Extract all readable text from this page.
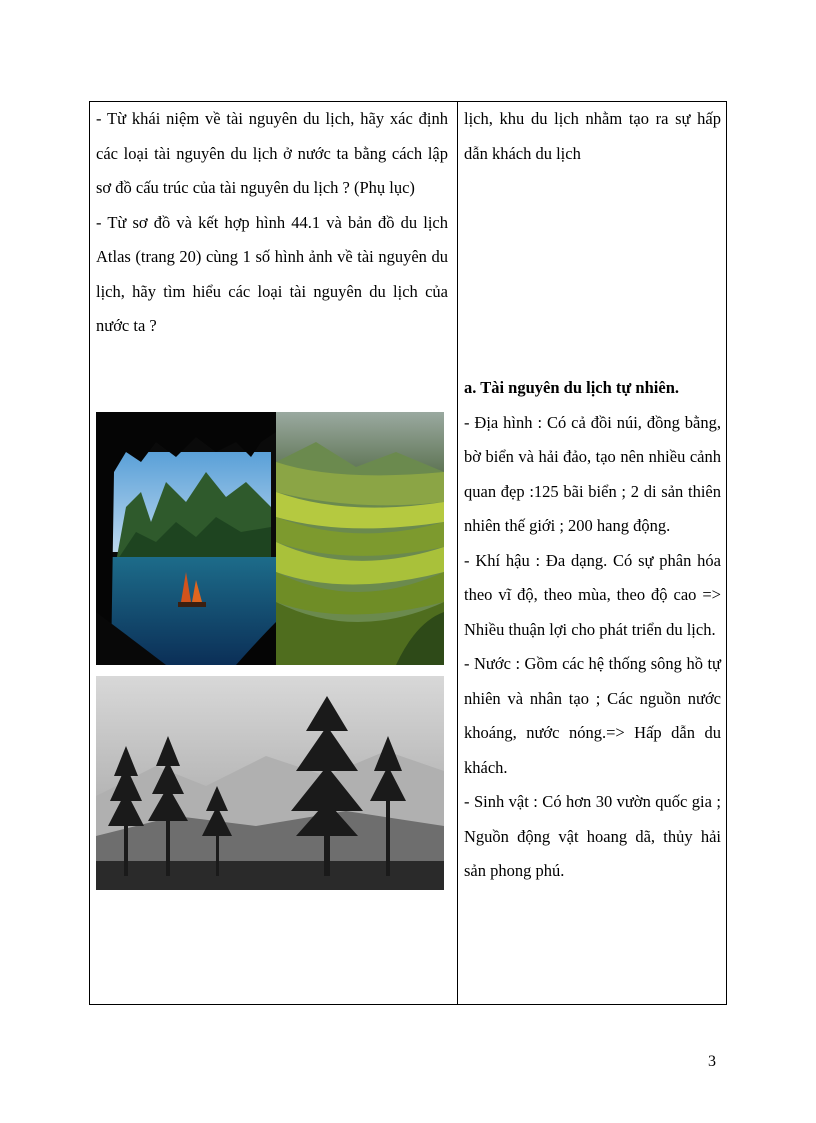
- Từ khái niệm về tài nguyên du lịch, hãy xác định các loại tài nguyên du lịch ở nước ta bằng cách lập sơ đồ cấu trúc của tài nguyên du lịch ? (Phụ lục)

- Từ sơ đồ và kết hợp hình 44.1 và bản đồ du lịch Atlas (trang 20) cùng 1 số hình ảnh về tài nguyên du lịch, hãy tìm hiểu các loại tài nguyên du lịch của nước ta ?

lịch, khu du lịch nhằm tạo ra sự hấp dẫn khách du lịch

a. Tài nguyên du lịch tự nhiên.

- Địa hình : Có cả đồi núi, đồng bằng, bờ biển và hải đảo, tạo nên nhiều cảnh quan đẹp :125 bãi biển ; 2 di sản thiên nhiên thế giới ; 200 hang động.

- Khí hậu : Đa dạng. Có sự phân hóa theo vĩ độ, theo mùa, theo độ cao => Nhiều thuận lợi cho phát triển du lịch.

- Nước : Gồm các hệ thống sông hồ tự nhiên và nhân tạo ; Các nguồn nước khoáng, nước nóng.=> Hấp dẫn du khách.

- Sinh vật : Có hơn 30 vườn quốc gia ; Nguồn động vật hoang dã, thủy hải sản phong phú.

3
